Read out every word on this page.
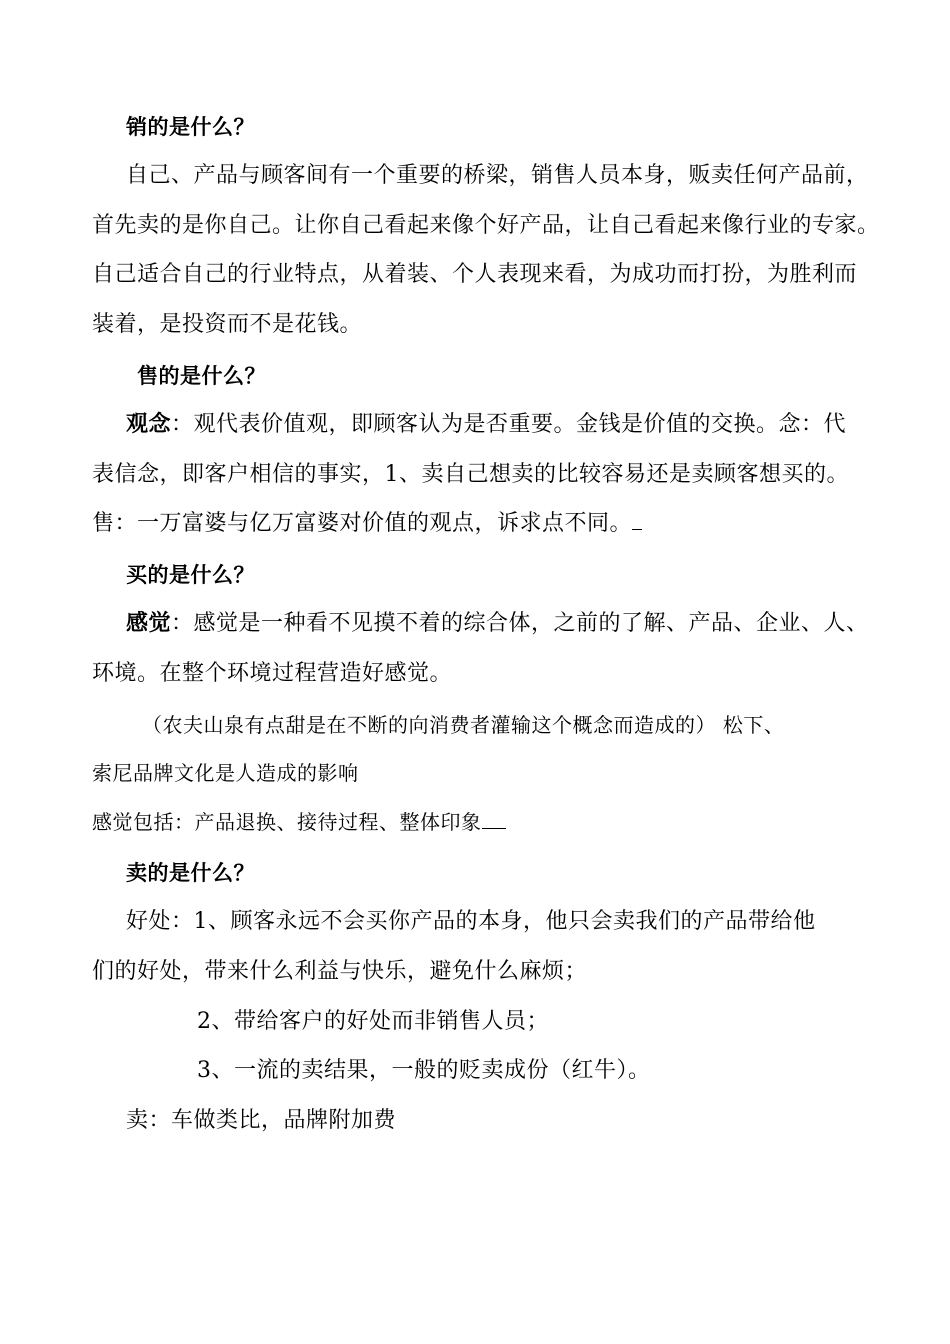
销的是什么？
自己、产品与顾客间有一个重要的桥梁，销售人员本身，贩卖任何产品前，
首先卖的是你自己。让你自己看起来像个好产品，让自己看起来像行业的专家。
自己适合自己的行业特点，从着装、个人表现来看，为成功而打扮，为胜利而
装着，是投资而不是花钱。
售的是什么？
观念：观代表价值观，即顾客认为是否重要。金钱是价值的交换。念：代
表信念，即客户相信的事实，1、卖自己想卖的比较容易还是卖顾客想买的。
售：一万富婆与亿万富婆对价值的观点，诉求点不同。
买的是什么？
感觉：感觉是一种看不见摸不着的综合体，之前的了解、产品、企业、人、
环境。在整个环境过程营造好感觉。
（农夫山泉有点甜是在不断的向消费者灌输这个概念而造成的） 松下、
索尼品牌文化是人造成的影响
感觉包括：产品退换、接待过程、整体印象
卖的是什么？
好处：1、顾客永远不会买你产品的本身，他只会卖我们的产品带给他
们的好处，带来什么利益与快乐，避免什么麻烦；
2、带给客户的好处而非销售人员；
3、一流的卖结果，一般的贬卖成份（红牛）。
卖：车做类比，品牌附加费
